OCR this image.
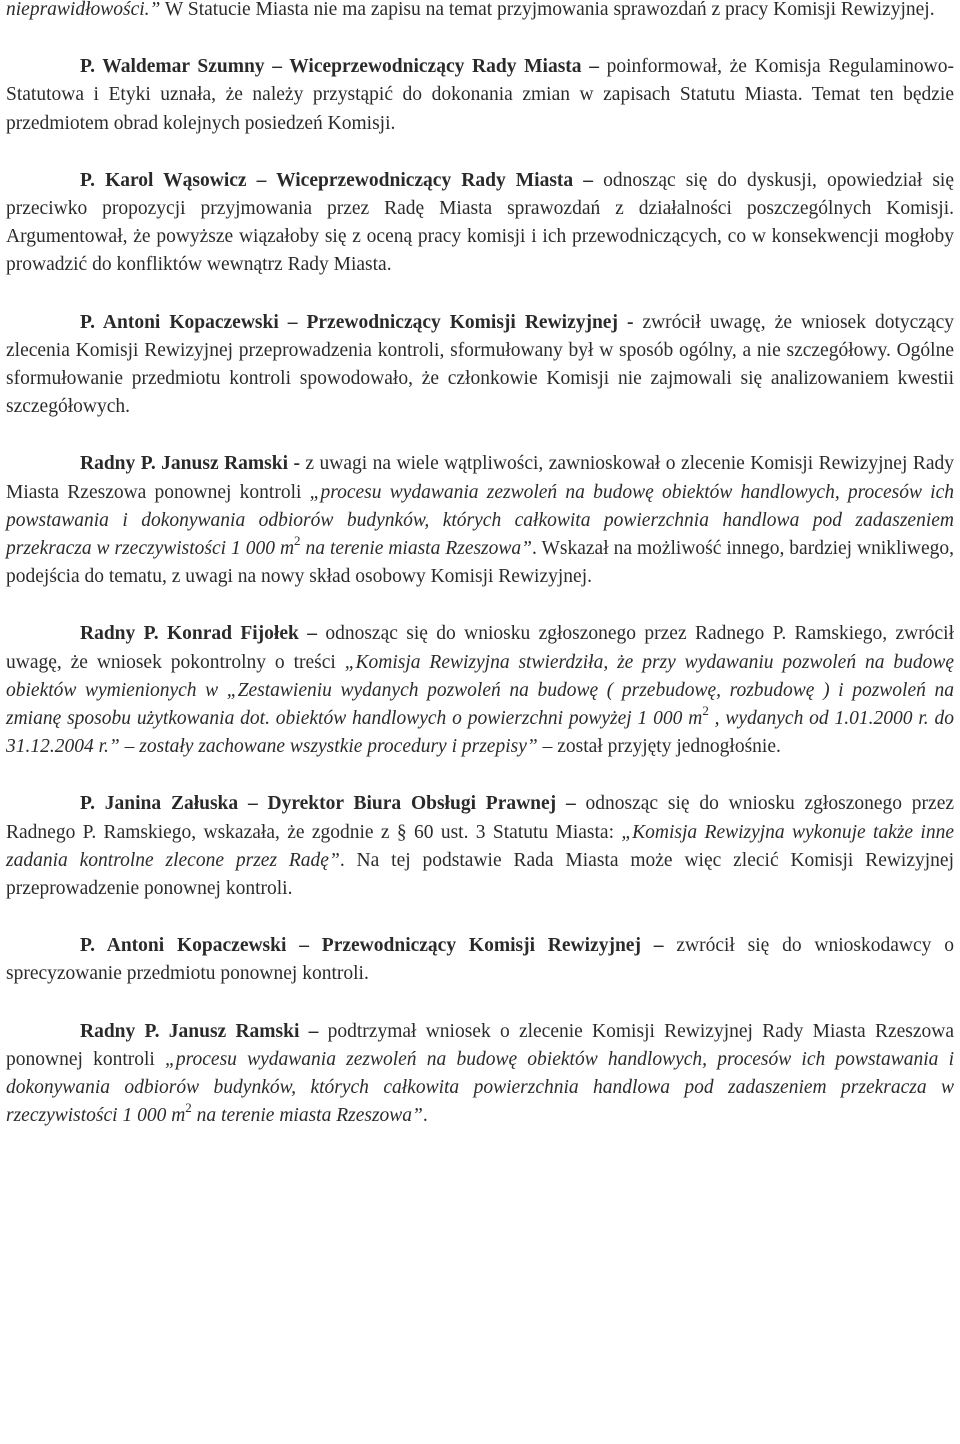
nieprawidłowości.” W Statucie Miasta nie ma zapisu na temat przyjmowania sprawozdań z pracy Komisji Rewizyjnej.

P. Waldemar Szumny – Wiceprzewodniczący Rady Miasta – poinformował, że Komisja Regulaminowo- Statutowa i Etyki uznała, że należy przystąpić do dokonania zmian w zapisach Statutu Miasta. Temat ten będzie przedmiotem obrad kolejnych posiedzeń Komisji.

P. Karol Wąsowicz – Wiceprzewodniczący Rady Miasta – odnosząc się do dyskusji, opowiedział się przeciwko propozycji przyjmowania przez Radę Miasta sprawozdań z działalności poszczególnych Komisji. Argumentował, że powyższe wiązałoby się z oceną pracy komisji i ich przewodniczących, co w konsekwencji mogłoby prowadzić do konfliktów wewnątrz Rady Miasta.

P. Antoni Kopaczewski – Przewodniczący Komisji Rewizyjnej - zwrócił uwagę, że wniosek dotyczący zlecenia Komisji Rewizyjnej przeprowadzenia kontroli, sformułowany był w sposób ogólny, a nie szczegółowy. Ogólne sformułowanie przedmiotu kontroli spowodowało, że członkowie Komisji nie zajmowali się analizowaniem kwestii szczegółowych.

Radny P. Janusz Ramski - z uwagi na wiele wątpliwości, zawnioskował o zlecenie Komisji Rewizyjnej Rady Miasta Rzeszowa ponownej kontroli „procesu wydawania zezwoleń na budowę obiektów handlowych, procesów ich powstawania i dokonywania odbiorów budynków, których całkowita powierzchnia handlowa pod zadaszeniem przekracza w rzeczywistości 1 000 $m^2$ na terenie miasta Rzeszowa”. Wskazał na możliwość innego, bardziej wnikliwego, podejścia do tematu, z uwagi na nowy skład osobowy Komisji Rewizyjnej.

Radny P. Konrad Fijołek – odnosząc się do wniosku zgłoszonego przez Radnego P. Ramskiego, zwrócił uwagę, że wniosek pokontrolny o treści „Komisja Rewizyjna stwierdziła, że przy wydawaniu pozwoleń na budowę obiektów wymienionych w „Zestawieniu wydanych pozwoleń na budowę ( przebudowę, rozbudowę ) i pozwoleń na zmianę sposobu użytkowania dot. obiektów handlowych o powierzchni powyżej 1 000 $m^2$ , wydanych od 1.01.2000 r. do 31.12.2004 r.” – zostały zachowane wszystkie procedury i przepisy” – został przyjęty jednogłośnie.

P. Janina Załuska – Dyrektor Biura Obsługi Prawnej – odnosząc się do wniosku zgłoszonego przez Radnego P. Ramskiego, wskazała, że zgodnie z § 60 ust. 3 Statutu Miasta: „Komisja Rewizyjna wykonuje także inne zadania kontrolne zlecone przez Radę”. Na tej podstawie Rada Miasta może więc zlecić Komisji Rewizyjnej przeprowadzenie ponownej kontroli.

P. Antoni Kopaczewski – Przewodniczący Komisji Rewizyjnej – zwrócił się do wnioskodawcy o sprecyzowanie przedmiotu ponownej kontroli.

Radny P. Janusz Ramski – podtrzymał wniosek o zlecenie Komisji Rewizyjnej Rady Miasta Rzeszowa ponownej kontroli „procesu wydawania zezwoleń na budowę obiektów handlowych, procesów ich powstawania i dokonywania odbiorów budynków, których całkowita powierzchnia handlowa pod zadaszeniem przekracza w rzeczywistości 1 000 $m^2$ na terenie miasta Rzeszowa”.
